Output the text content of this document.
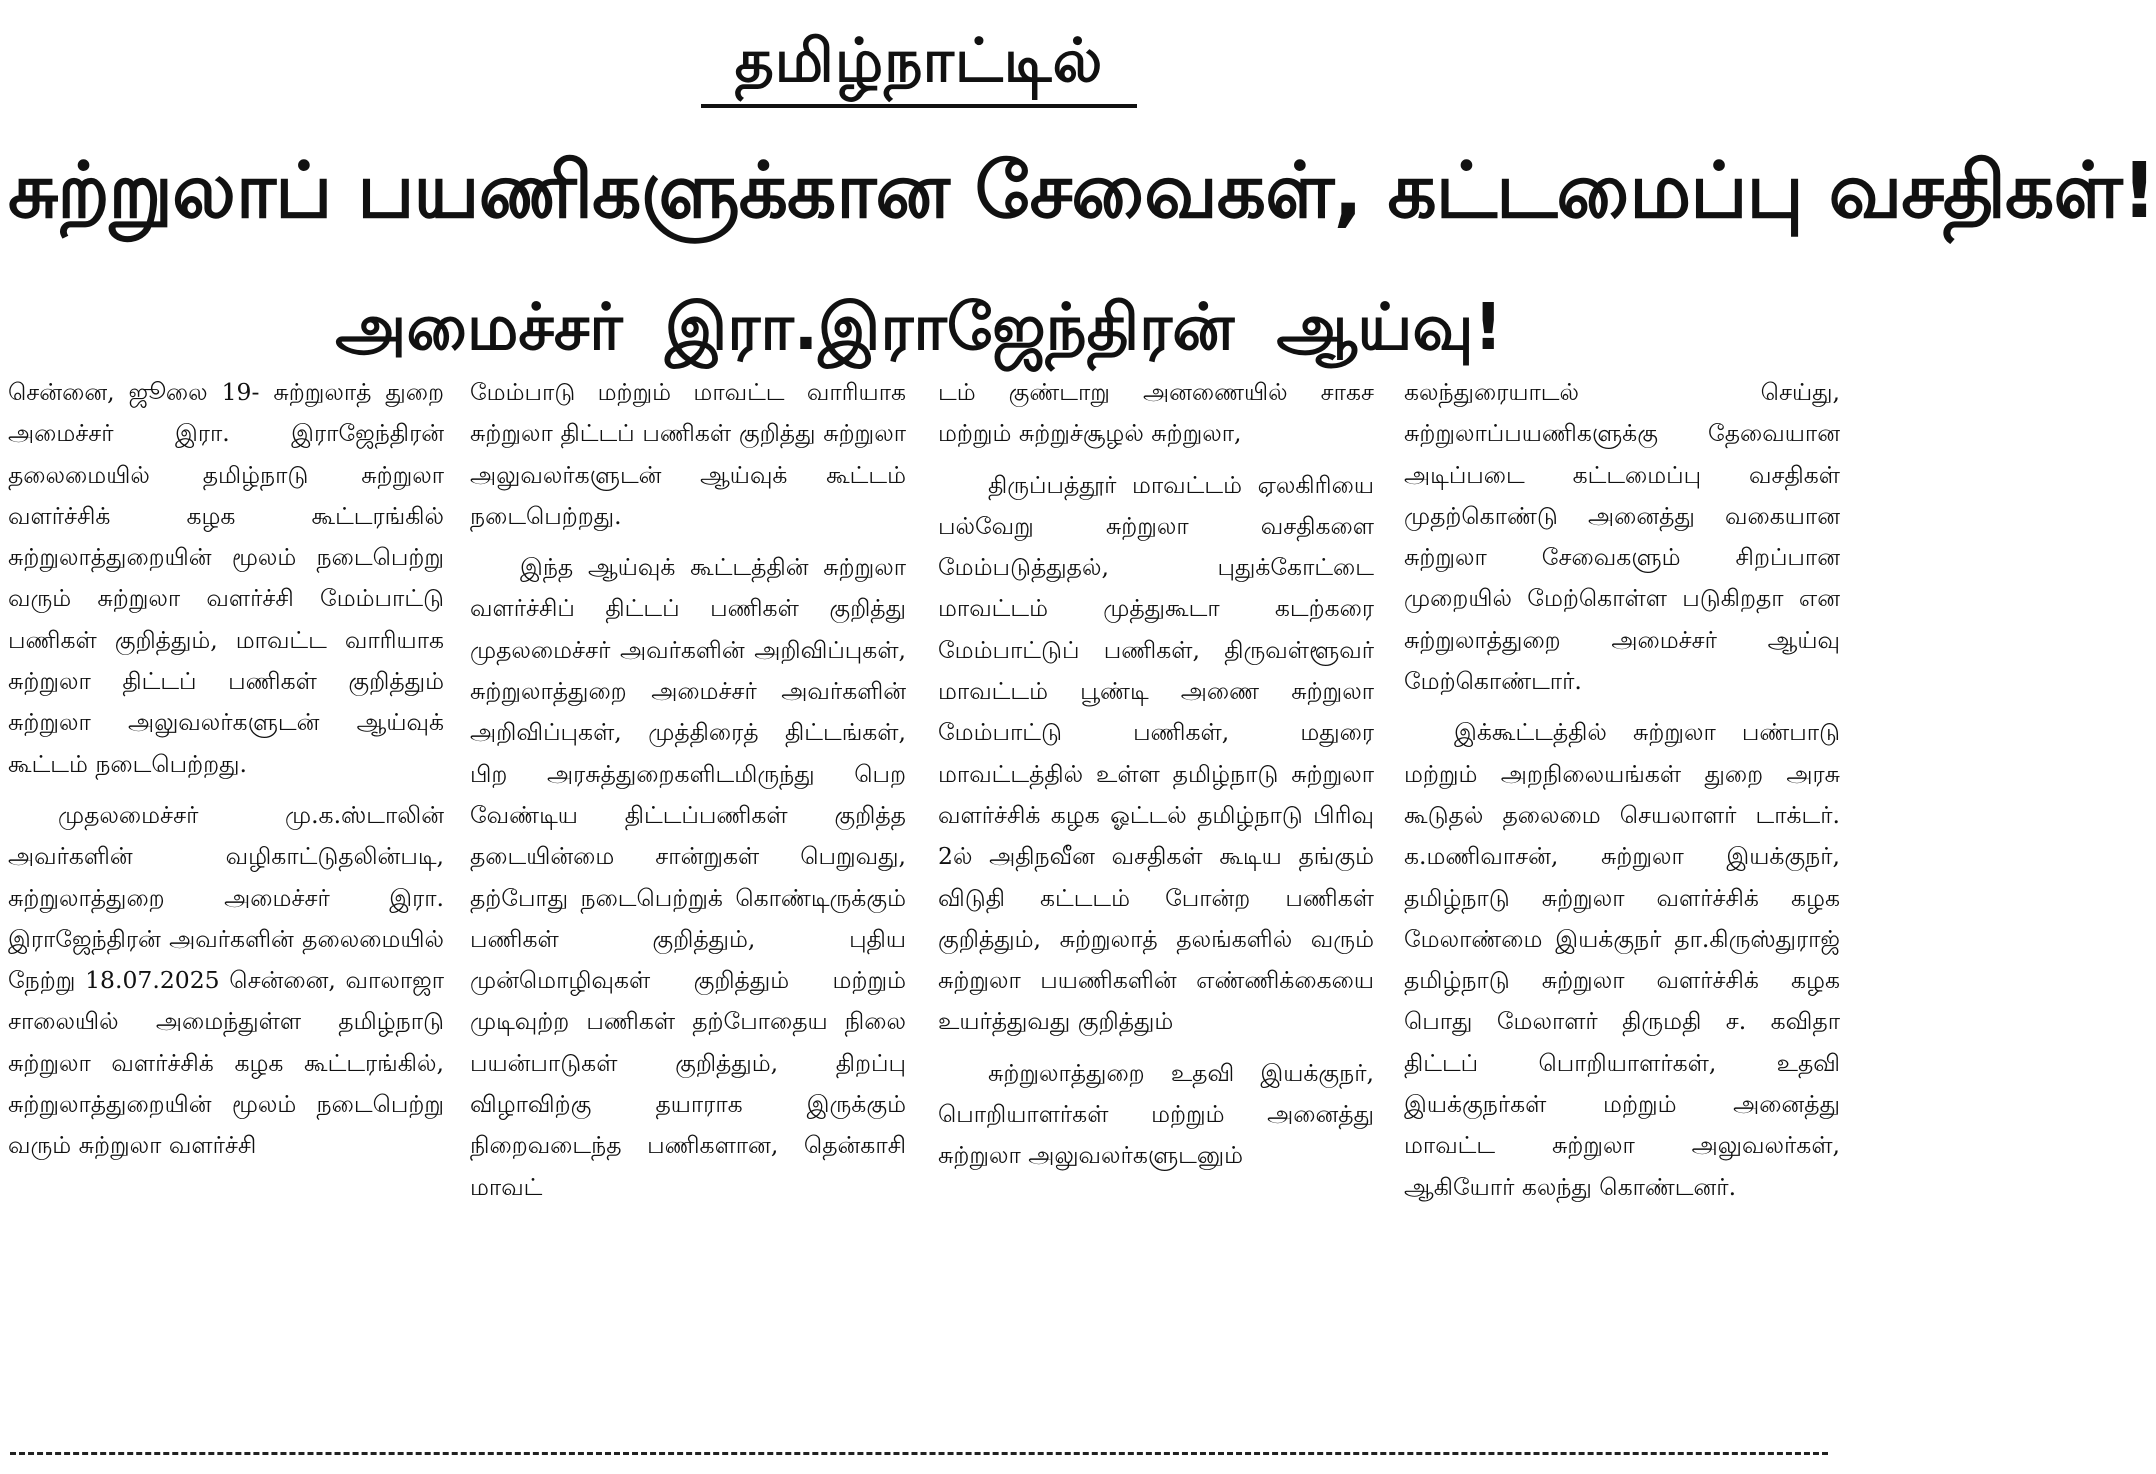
தமிழ்நாட்டில்
சுற்றுலாப் பயணிகளுக்கான சேவைகள், கட்டமைப்பு வசதிகள்!
அமைச்சர் இரா.இராஜேந்திரன் ஆய்வு!

சென்னை, ஜூலை 19- சுற்றுலாத் துறை அமைச்சர் இரா. இராஜேந்திரன் தலைமையில் தமிழ்நாடு சுற்றுலா வளர்ச்சிக் கழக கூட்டரங்கில் சுற்றுலாத்துறையின் மூலம் நடைபெற்று வரும் சுற்றுலா வளர்ச்சி மேம்பாட்டு பணிகள் குறித்தும், மாவட்ட வாரியாக சுற்றுலா திட்டப் பணிகள் குறித்தும் சுற்றுலா அலுவலர்களுடன் ஆய்வுக் கூட்டம் நடைபெற்றது.

முதலமைச்சர் மு.க.ஸ்டாலின் அவர்களின் வழிகாட்டுதலின்படி, சுற்றுலாத்துறை அமைச்சர் இரா. இராஜேந்திரன் அவர்களின் தலைமையில் நேற்று 18.07.2025 சென்னை, வாலாஜா சாலையில் அமைந்துள்ள தமிழ்நாடு சுற்றுலா வளர்ச்சிக் கழக கூட்டரங்கில், சுற்றுலாத்துறையின் மூலம் நடைபெற்று வரும் சுற்றுலா வளர்ச்சி

மேம்பாடு மற்றும் மாவட்ட வாரியாக சுற்றுலா திட்டப் பணிகள் குறித்து சுற்றுலா அலுவலர்களுடன் ஆய்வுக் கூட்டம் நடைபெற்றது.

இந்த ஆய்வுக் கூட்டத்தின் சுற்றுலா வளர்ச்சிப் திட்டப் பணிகள் குறித்து முதலமைச்சர் அவர்களின் அறிவிப்புகள், சுற்றுலாத்துறை அமைச்சர் அவர்களின் அறிவிப்புகள், முத்திரைத் திட்டங்கள், பிற அரசுத்துறைகளிடமிருந்து பெற வேண்டிய திட்டப்பணிகள் குறித்த தடையின்மை சான்றுகள் பெறுவது, தற்போது நடைபெற்றுக் கொண்டிருக்கும் பணிகள் குறித்தும், புதிய முன்மொழிவுகள் குறித்தும் மற்றும் முடிவுற்ற பணிகள் தற்போதைய நிலை பயன்பாடுகள் குறித்தும், திறப்பு விழாவிற்கு தயாராக இருக்கும் நிறைவடைந்த பணிகளான, தென்காசி மாவட்

டம் குண்டாறு அனணையில் சாகச மற்றும் சுற்றுச்சூழல் சுற்றுலா,

திருப்பத்தூர் மாவட்டம் ஏலகிரியை பல்வேறு சுற்றுலா வசதிகளை மேம்படுத்துதல், புதுக்கோட்டை மாவட்டம் முத்துகூடா கடற்கரை மேம்பாட்டுப் பணிகள், திருவள்ளூவர் மாவட்டம் பூண்டி அணை சுற்றுலா மேம்பாட்டு பணிகள், மதுரை மாவட்டத்தில் உள்ள தமிழ்நாடு சுற்றுலா வளர்ச்சிக் கழக ஓட்டல் தமிழ்நாடு பிரிவு 2ல் அதிநவீன வசதிகள் கூடிய தங்கும் விடுதி கட்டடம் போன்ற பணிகள் குறித்தும், சுற்றுலாத் தலங்களில் வரும் சுற்றுலா பயணிகளின் எண்ணிக்கையை உயர்த்துவது குறித்தும்

சுற்றுலாத்துறை உதவி இயக்குநர், பொறியாளர்கள் மற்றும் அனைத்து சுற்றுலா அலுவலர்களுடனும்

கலந்துரையாடல் செய்து, சுற்றுலாப்பயணிகளுக்கு தேவையான அடிப்படை கட்டமைப்பு வசதிகள் முதற்கொண்டு அனைத்து வகையான சுற்றுலா சேவைகளும் சிறப்பான முறையில் மேற்கொள்ள படுகிறதா என சுற்றுலாத்துறை அமைச்சர் ஆய்வு மேற்கொண்டார்.

இக்கூட்டத்தில் சுற்றுலா பண்பாடு மற்றும் அறநிலையங்கள் துறை அரசு கூடுதல் தலைமை செயலாளர் டாக்டர். க.மணிவாசன், சுற்றுலா இயக்குநர், தமிழ்நாடு சுற்றுலா வளர்ச்சிக் கழக மேலாண்மை இயக்குநர் தா.கிருஸ்துராஜ் தமிழ்நாடு சுற்றுலா வளர்ச்சிக் கழக பொது மேலாளர் திருமதி ச. கவிதா திட்டப் பொறியாளர்கள், உதவி இயக்குநர்கள் மற்றும் அனைத்து மாவட்ட சுற்றுலா அலுவலர்கள், ஆகியோர் கலந்து கொண்டனர்.
